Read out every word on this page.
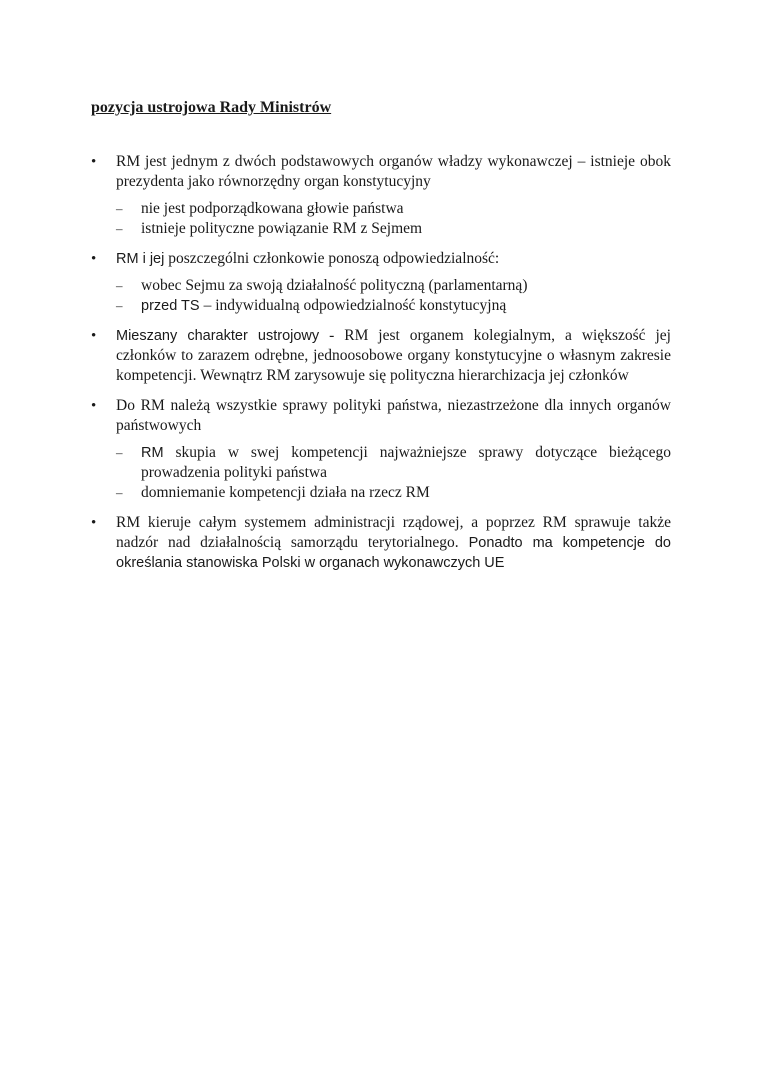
pozycja ustrojowa Rady Ministrów
• RM jest jednym z dwóch podstawowych organów władzy wykonawczej – istnieje obok prezydenta jako równorzędny organ konstytucyjny

– nie jest podporządkowana głowie państwa

– istnieje polityczne powiązanie RM z Sejmem

• RM i jej poszczególni członkowie ponoszą odpowiedzialność:

– wobec Sejmu za swoją działalność polityczną (parlamentarną)

– przed TS – indywidualną odpowiedzialność konstytucyjną

• Mieszany charakter ustrojowy - RM jest organem kolegialnym, a większość jej członków to zarazem odrębne, jednoosobowe organy konstytucyjne o własnym zakresie kompetencji. Wewnątrz RM zarysowuje się polityczna hierarchizacja jej członków

• Do RM należą wszystkie sprawy polityki państwa, niezastrzeżone dla innych organów państwowych

– RM skupia w swej kompetencji najważniejsze sprawy dotyczące bieżącego prowadzenia polityki państwa

– domniemanie kompetencji działa na rzecz RM

• RM kieruje całym systemem administracji rządowej, a poprzez RM sprawuje także nadzór nad działalnością samorządu terytorialnego. Ponadto ma kompetencje do określania stanowiska Polski w organach wykonawczych UE
